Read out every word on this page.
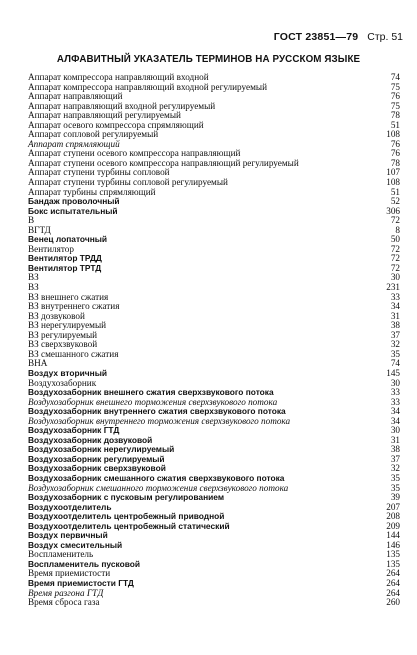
ГОСТ 23851—79 Стр. 51
АЛФАВИТНЫЙ УКАЗАТЕЛЬ ТЕРМИНОВ НА РУССКОМ ЯЗЫКЕ
Аппарат компрессора направляющий входной	74
Аппарат компрессора направляющий входной регулируемый	75
Аппарат направляющий	76
Аппарат направляющий входной регулируемый	75
Аппарат направляющий регулируемый	78
Аппарат осевого компрессора спрямляющий	51
Аппарат сопловой регулируемый	108
Аппарат спрямляющий	76
Аппарат ступени осевого компрессора направляющий	76
Аппарат ступени осевого компрессора направляющий регулируемый	78
Аппарат ступени турбины сопловой	107
Аппарат ступени турбины сопловой регулируемый	108
Аппарат турбины спрямляющий	51
Бандаж проволочный	52
Бокс испытательный	306
В	72
ВГТД	8
Венец лопаточный	50
Вентилятор	72
Вентилятор ТРДД	72
Вентилятор ТРТД	72
ВЗ	30
ВЗ	231
ВЗ внешнего сжатия	33
ВЗ внутреннего сжатия	34
ВЗ дозвуковой	31
ВЗ нерегулируемый	38
ВЗ регулируемый	37
ВЗ сверхзвуковой	32
ВЗ смешанного сжатия	35
ВНА	74
Воздух вторичный	145
Воздухозаборник	30
Воздухозаборник внешнего сжатия сверхзвукового потока	33
Воздухозаборник внешнего торможения сверхзвукового потока	33
Воздухозаборник внутреннего сжатия сверхзвукового потока	34
Воздухозаборник внутреннего торможения сверхзвукового потока	34
Воздухозаборник ГТД	30
Воздухозаборник дозвуковой	31
Воздухозаборник нерегулируемый	38
Воздухозаборник регулируемый	37
Воздухозаборник сверхзвуковой	32
Воздухозаборник смешанного сжатия сверхзвукового потока	35
Воздухозаборник смешанного торможения сверхзвукового потока	35
Воздухозаборник с пусковым регулированием	39
Воздухоотделитель	207
Воздухоотделитель центробежный приводной	208
Воздухоотделитель центробежный статический	209
Воздух первичный	144
Воздух смесительный	146
Воспламенитель	135
Воспламенитель пусковой	135
Время приемистости	264
Время приемистости ГТД	264
Время разгона ГТД	264
Время сброса газа	260
